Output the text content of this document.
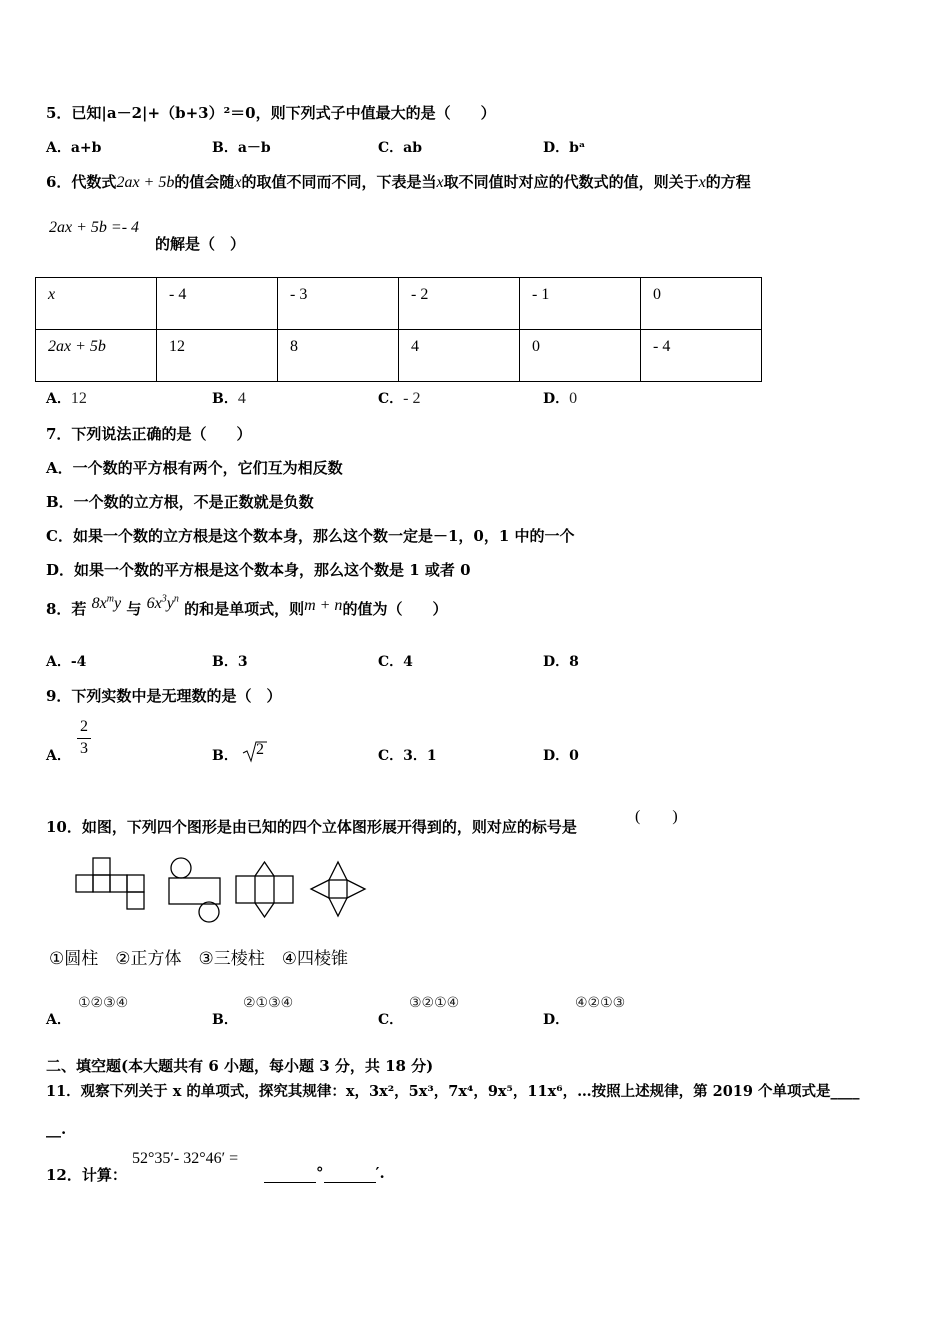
5．已知|a－2|+（b+3）²＝0，则下列式子中值最大的是（　　）
A．a+b	B．a－b	C．ab	D．bᵃ
6．代数式2ax + 5b的值会随x的取值不同而不同，下表是当x取不同值时对应的代数式的值，则关于x的方程
2ax + 5b =- 4
的解是（　）
x	- 4	- 3	- 2	- 1	0
2ax + 5b	12	8	4	0	- 4
A．12	B．4	C．- 2	D．0
7．下列说法正确的是（　　）
A．一个数的平方根有两个，它们互为相反数
B．一个数的立方根，不是正数就是负数
C．如果一个数的立方根是这个数本身，那么这个数一定是－1，0，1 中的一个
D．如果一个数的平方根是这个数本身，那么这个数是 1 或者 0
8．若 $8x^my$ 与 $6x^3y^n$ 的和是单项式，则m + n的值为（　　）
A．-4	B．3	C．4	D．8
9．下列实数中是无理数的是（　）
A． $\frac{2}{3}$	B．	2	C．3．1	D．0
10．如图，下列四个图形是由已知的四个立体图形展开得到的，则对应的标号是
(　　)
①圆柱　②正方体　③三棱柱　④四棱锥
A．
①②③④
B．
②①③④
C．
③②①④
D．
④②①③
二、填空题(本大题共有 6 小题，每小题 3 分，共 18 分)
11．观察下列关于 x 的单项式，探究其规律：x，3x²，5x³，7x⁴，9x⁵，11x⁶，…按照上述规律，第 2019 个单项式是____
__.
12．计算：
52°35′- 32°46′ =
°	′.
